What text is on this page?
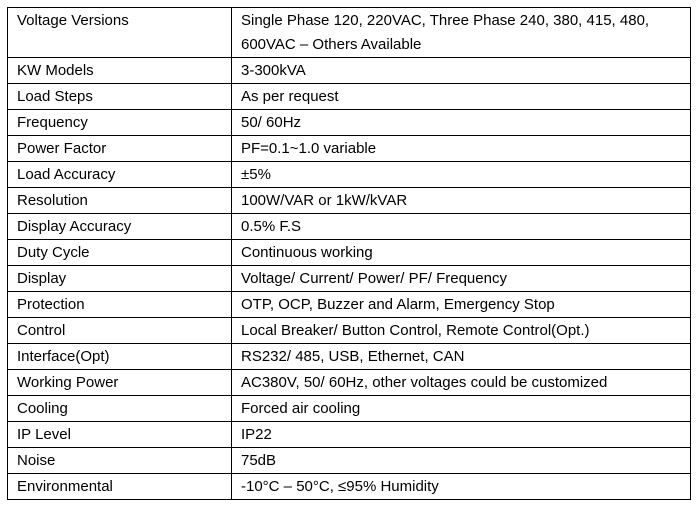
Voltage Versions	Single Phase 120, 220VAC, Three Phase 240, 380, 415, 480, 600VAC – Others Available
KW Models	3-300kVA
Load Steps	As per request
Frequency	50/ 60Hz
Power Factor	PF=0.1~1.0 variable
Load Accuracy	±5%
Resolution	100W/VAR or 1kW/kVAR
Display Accuracy	0.5% F.S
Duty Cycle	Continuous working
Display	Voltage/ Current/ Power/ PF/ Frequency
Protection	OTP, OCP, Buzzer and Alarm, Emergency Stop
Control	Local Breaker/ Button Control, Remote Control(Opt.)
Interface(Opt)	RS232/ 485, USB, Ethernet, CAN
Working Power	AC380V, 50/ 60Hz, other voltages could be customized
Cooling	Forced air cooling
IP Level	IP22
Noise	75dB
Environmental	-10°C – 50°C, ≤95% Humidity
